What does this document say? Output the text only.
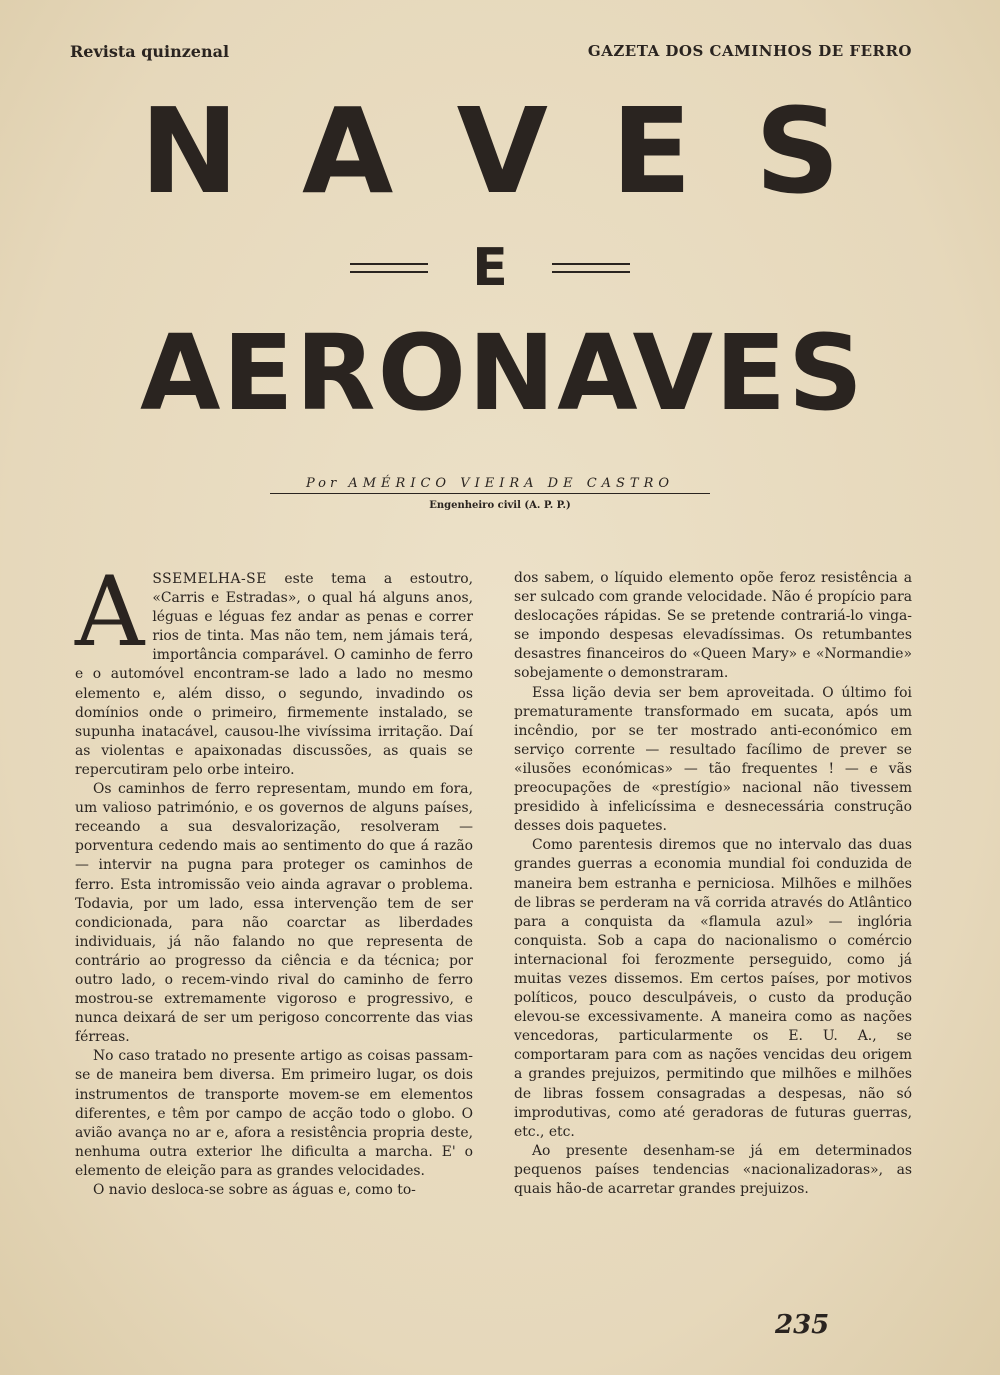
Revista quinzenal	GAZETA DOS CAMINHOS DE FERRO
N A V E S
E
AERONAVES
Por AMÉRICO VIEIRA DE CASTRO
Engenheiro civil (A. P. P.)

ASSEMELHA-SE este tema a estoutro, «Carris e Estradas», o qual há alguns anos, léguas e léguas fez andar as penas e correr rios de tinta. Mas não tem, nem jámais terá, importância comparável. O caminho de ferro e o automóvel encontram-se lado a lado no mesmo elemento e, além disso, o segundo, invadindo os domínios onde o primeiro, firmemente instalado, se supunha inatacável, causou-lhe vivíssima irritação. Daí as violentas e apaixonadas discussões, as quais se repercutiram pelo orbe inteiro.

Os caminhos de ferro representam, mundo em fora, um valioso património, e os governos de alguns países, receando a sua desvalorização, resolveram — porventura cedendo mais ao sentimento do que á razão — intervir na pugna para proteger os caminhos de ferro. Esta intromissão veio ainda agravar o problema. Todavia, por um lado, essa intervenção tem de ser condicionada, para não coarctar as liberdades individuais, já não falando no que representa de contrário ao progresso da ciência e da técnica; por outro lado, o recem-vindo rival do caminho de ferro mostrou-se extremamente vigoroso e progressivo, e nunca deixará de ser um perigoso concorrente das vias férreas.

No caso tratado no presente artigo as coisas passam-se de maneira bem diversa. Em primeiro lugar, os dois instrumentos de transporte movem-se em elementos diferentes, e têm por campo de acção todo o globo. O avião avança no ar e, afora a resistência propria deste, nenhuma outra exterior lhe dificulta a marcha. E' o elemento de eleição para as grandes velocidades.

O navio desloca-se sobre as águas e, como to-

dos sabem, o líquido elemento opõe feroz resistência a ser sulcado com grande velocidade. Não é propício para deslocações rápidas. Se se pretende contrariá-lo vinga-se impondo despesas elevadíssimas. Os retumbantes desastres financeiros do «Queen Mary» e «Normandie» sobejamente o demonstraram.

Essa lição devia ser bem aproveitada. O último foi prematuramente transformado em sucata, após um incêndio, por se ter mostrado anti-económico em serviço corrente — resultado facílimo de prever se «ilusões económicas» — tão frequentes ! — e vãs preocupações de «prestígio» nacional não tivessem presidido à infelicíssima e desnecessária construção desses dois paquetes.

Como parentesis diremos que no intervalo das duas grandes guerras a economia mundial foi conduzida de maneira bem estranha e perniciosa. Milhões e milhões de libras se perderam na vã corrida através do Atlântico para a conquista da «flamula azul» — inglória conquista. Sob a capa do nacionalismo o comércio internacional foi ferozmente perseguido, como já muitas vezes dissemos. Em certos países, por motivos políticos, pouco desculpáveis, o custo da produção elevou-se excessivamente. A maneira como as nações vencedoras, particularmente os E. U. A., se comportaram para com as nações vencidas deu origem a grandes prejuizos, permitindo que milhões e milhões de libras fossem consagradas a despesas, não só improdutivas, como até geradoras de futuras guerras, etc., etc.

Ao presente desenham-se já em determinados pequenos países tendencias «nacionalizadoras», as quais hão-de acarretar grandes prejuizos.

235
